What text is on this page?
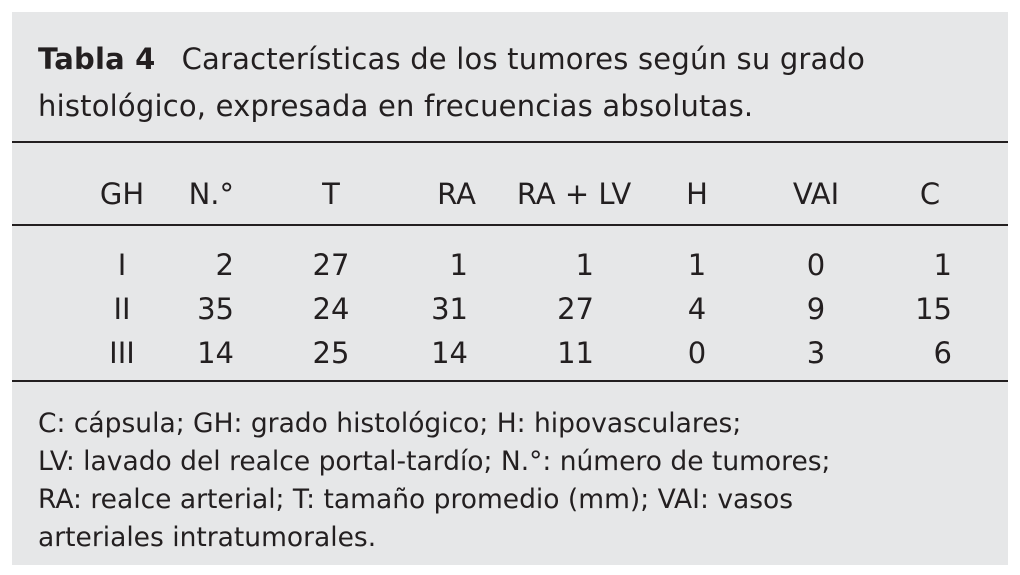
Tabla 4 Características de los tumores según su grado
histológico, expresada en frecuencias absolutas.
GH	N.°	T	RA	RA + LV	H	VAI	C
I	2	27	1	1	1	0	1
II	35	24	31	27	4	9	15
III	14	25	14	11	0	3	6
C: cápsula; GH: grado histológico; H: hipovasculares;
LV: lavado del realce portal-tardío; N.°: número de tumores;
RA: realce arterial; T: tamaño promedio (mm); VAI: vasos
arteriales intratumorales.
